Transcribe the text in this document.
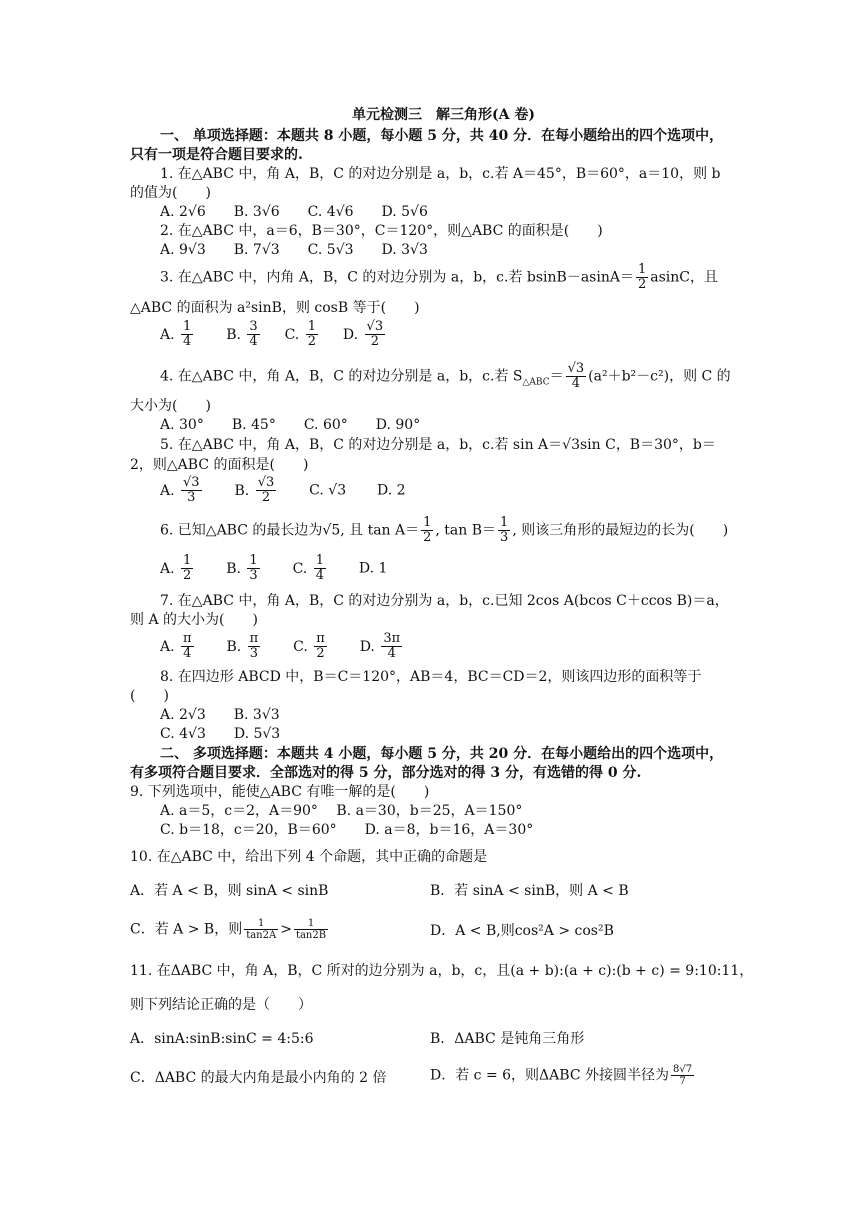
单元检测三　解三角形(A 卷)
一、 单项选择题：本题共 8 小题，每小题 5 分，共 40 分．在每小题给出的四个选项中，
只有一项是符合题目要求的.
1. 在△ABC 中，角 A，B，C 的对边分别是 a，b，c.若 A＝45°，B＝60°，a＝10，则 b
的值为(　　)
A. 2√6　　B. 3√6　　C. 4√6　　D. 5√6
2. 在△ABC 中，a＝6，B＝30°，C＝120°，则△ABC 的面积是(　　)
A. 9√3　　B. 7√3　　C. 5√3　　D. 3√3
3. 在△ABC 中，内角 A，B，C 的对边分别为 a，b，c.若 $bsinB-asinA= \frac{1}{2}$ asinC，且
△ABC 的面积为 a²sinB，则 cosB 等于(　　)
A. $\frac{1}{4} B$. $\frac{3}{4} C$. $\frac{1}{2} D$. $\frac{√3}{2}$
4. 在△ABC 中，角 A，B，C 的对边分别是 a，b，c.若 $S_{\triangle ABC}= \frac{√3}{4} (a^2+b^2-c^2)$，则 C 的
大小为(　　)
A. 30°　　B. 45°　　C. 60°　　D. 90°
5. 在△ABC 中，角 A，B，C 的对边分别是 a，b，c.若 sin A＝√3sin C，B＝30°，b＝
2，则△ABC 的面积是(　　)
A. $\frac{√3}{3} B$. $\frac{√3}{2} C$. √3 D. 2
6. 已知△ABC 的最长边为√5, 且 $\tan A= \frac{1}{2}$ , $\tan B= \frac{1}{3}$ , 则该三角形的最短边的长为(　　)
A. $\frac{1}{2} B$. $\frac{1}{3} C$. $\frac{1}{4} D$. 1
7. 在△ABC 中，角 A，B，C 的对边分别为 a，b，c.已知 2cos A(bcos C＋ccos B)＝a，
则 A 的大小为(　　)
A. $\frac{\pi}{4} B$. $\frac{\pi}{3} C$. $\frac{\pi}{2} D$. $\frac{3\pi}{4}$
8. 在四边形 ABCD 中，B＝C＝120°，AB＝4，BC＝CD＝2，则该四边形的面积等于
(　　)
A. 2√3　　B. 3√3
C. 4√3　　D. 5√3
二、 多项选择题：本题共 4 小题，每小题 5 分，共 20 分．在每小题给出的四个选项中，
有多项符合题目要求．全部选对的得 5 分，部分选对的得 3 分，有选错的得 0 分.
9. 下列选项中，能使△ABC 有唯一解的是(　　)
A. a＝5，c＝2，A＝90°　 B. a＝30，b＝25，A＝150°
C. b＝18，c＝20，B＝60°　　D. a＝8，b＝16，A＝30°
10. 在△ABC 中，给出下列 4 个命题，其中正确的命题是
A．若 A < B，则 sinA < sinB	B．若 sinA < sinB，则 A < B
C．若 A > B，则 $\frac{1}{\tan 2A} > \frac{1}{\tan 2B}$	D．A < B,则cos²A > cos²B
11. 在ΔABC 中，角 A，B，C 所对的边分别为 a，b，c，且(a + b):(a + c):(b + c) = 9:10:11，
则下列结论正确的是（　　）
A．sinA:sinB:sinC = 4:5:6	B．ΔABC 是钝角三角形
C．ΔABC 的最大内角是最小内角的 2 倍	D．若 c = 6，则ΔABC 外接圆半径为 $\frac{8√7}{7}$
